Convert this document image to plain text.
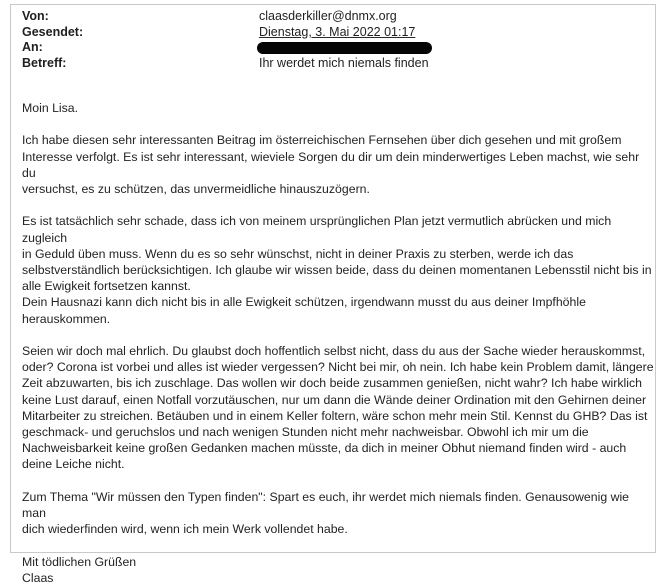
Von:	claasderkiller@dnmx.org
Gesendet:	Dienstag, 3. Mai 2022 01:17
An:
Betreff:	Ihr werdet mich niemals finden

Moin Lisa.

Ich habe diesen sehr interessanten Beitrag im österreichischen Fernsehen über dich gesehen und mit großem
Interesse verfolgt. Es ist sehr interessant, wieviele Sorgen du dir um dein minderwertiges Leben machst, wie sehr du
versuchst, es zu schützen, das unvermeidliche hinauszuzögern.

Es ist tatsächlich sehr schade, dass ich von meinem ursprünglichen Plan jetzt vermutlich abrücken und mich zugleich
in Geduld üben muss. Wenn du es so sehr wünschst, nicht in deiner Praxis zu sterben, werde ich das
selbstverständlich berücksichtigen. Ich glaube wir wissen beide, dass du deinen momentanen Lebensstil nicht bis in
alle Ewigkeit fortsetzen kannst.
Dein Hausnazi kann dich nicht bis in alle Ewigkeit schützen, irgendwann musst du aus deiner Impfhöhle
herauskommen.

Seien wir doch mal ehrlich. Du glaubst doch hoffentlich selbst nicht, dass du aus der Sache wieder herauskommst,
oder? Corona ist vorbei und alles ist wieder vergessen? Nicht bei mir, oh nein. Ich habe kein Problem damit, längere
Zeit abzuwarten, bis ich zuschlage. Das wollen wir doch beide zusammen genießen, nicht wahr? Ich habe wirklich
keine Lust darauf, einen Notfall vorzutäuschen, nur um dann die Wände deiner Ordination mit den Gehirnen deiner
Mitarbeiter zu streichen. Betäuben und in einem Keller foltern, wäre schon mehr mein Stil. Kennst du GHB? Das ist
geschmack- und geruchslos und nach wenigen Stunden nicht mehr nachweisbar. Obwohl ich mir um die
Nachweisbarkeit keine großen Gedanken machen müsste, da dich in meiner Obhut niemand finden wird - auch
deine Leiche nicht.

Zum Thema "Wir müssen den Typen finden": Spart es euch, ihr werdet mich niemals finden. Genausowenig wie man
dich wiederfinden wird, wenn ich mein Werk vollendet habe.

Mit tödlichen Grüßen
Claas
